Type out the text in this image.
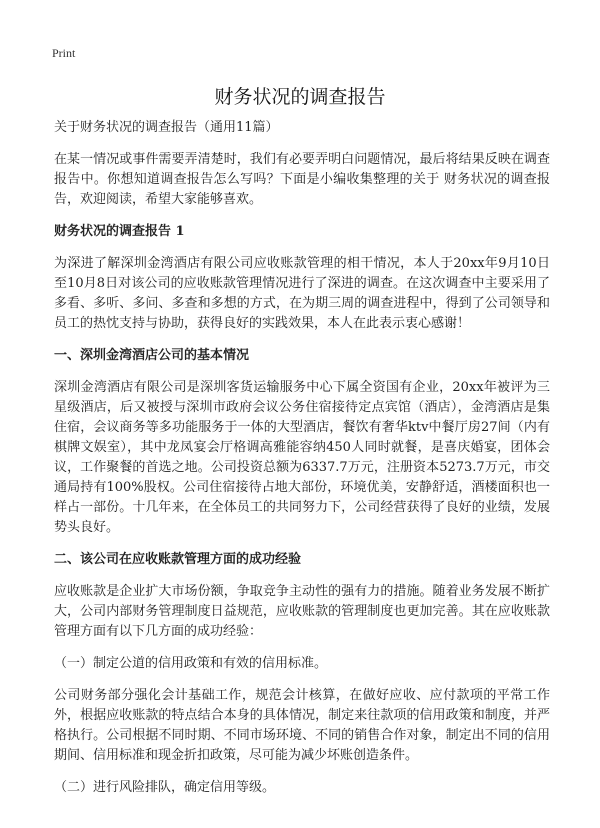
Print
财务状况的调查报告

关于财务状况的调查报告（通用11篇）

在某一情况或事件需要弄清楚时，我们有必要弄明白问题情况，最后将结果反映在调查报告中。你想知道调查报告怎么写吗？下面是小编收集整理的关于 财务状况的调查报告，欢迎阅读，希望大家能够喜欢。

财务状况的调查报告 1

为深进了解深圳金湾酒店有限公司应收账款管理的相干情况，本人于20xx年9月10日至10月8日对该公司的应收账款管理情况进行了深进的调查。在这次调查中主要采用了多看、多听、多问、多查和多想的方式，在为期三周的调查进程中，得到了公司领导和员工的热忱支持与协助，获得良好的实践效果，本人在此表示衷心感谢！

一、深圳金湾酒店公司的基本情况

深圳金湾酒店有限公司是深圳客货运输服务中心下属全资国有企业，20xx年被评为三星级酒店，后又被授与深圳市政府会议公务住宿接待定点宾馆（酒店），金湾酒店是集住宿，会议商务等多功能服务于一体的大型酒店，餐饮有奢华ktv中餐厅房27间（内有棋牌文娱室），其中龙凤宴会厅格调高雅能容纳450人同时就餐，是喜庆婚宴，团体会议，工作聚餐的首选之地。公司投资总额为6337.7万元，注册资本5273.7万元，市交通局持有100%股权。公司住宿接待占地大部份，环境优美，安静舒适，酒楼面积也一样占一部份。十几年来，在全体员工的共同努力下，公司经营获得了良好的业绩，发展势头良好。

二、该公司在应收账款管理方面的成功经验

应收账款是企业扩大市场份额，争取竞争主动性的强有力的措施。随着业务发展不断扩大，公司内部财务管理制度日益规范，应收账款的管理制度也更加完善。其在应收账款管理方面有以下几方面的成功经验：

（一）制定公道的信用政策和有效的信用标准。

公司财务部分强化会计基础工作，规范会计核算，在做好应收、应付款项的平常工作外，根据应收账款的特点结合本身的具体情况，制定来往款项的信用政策和制度，并严格执行。公司根据不同时期、不同市场环境、不同的销售合作对象，制定出不同的信用期间、信用标准和现金折扣政策，尽可能为减少坏账创造条件。

（二）进行风险排队，确定信用等级。
